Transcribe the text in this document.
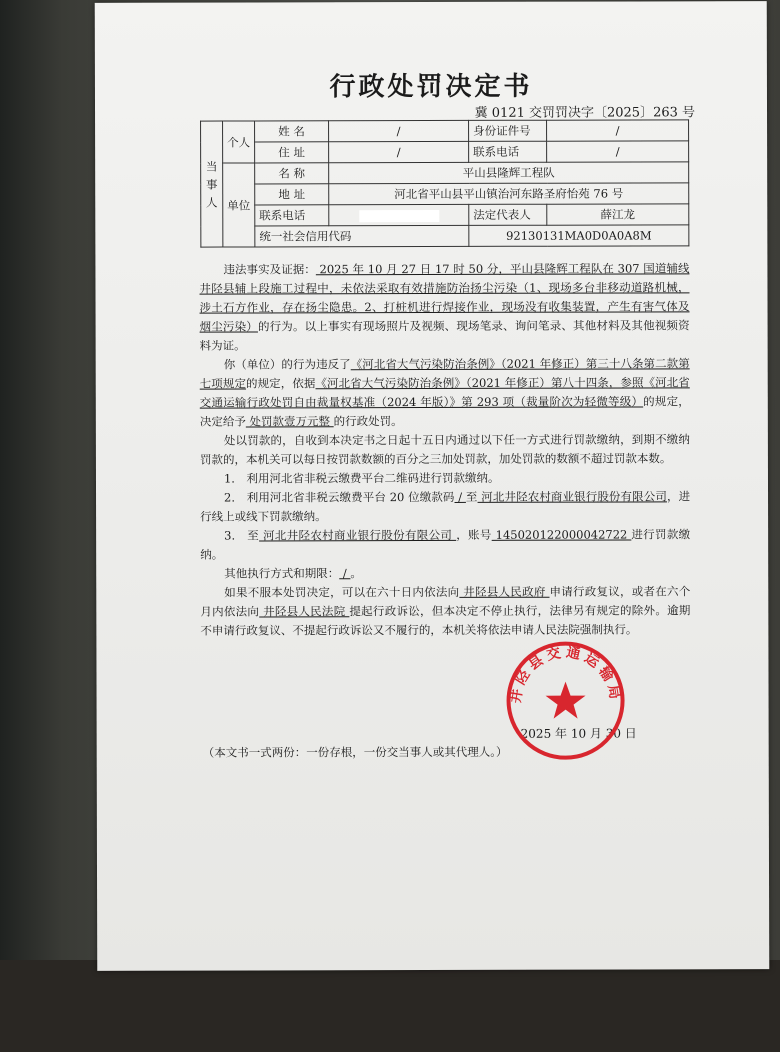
行政处罚决定书
冀 0121 交罚罚决字〔2025〕263 号
当事人	个人	姓 名	/	身份证件号	/
		住 址	/	联系电话	/
	单位	名 称	平山县隆辉工程队		
		地 址	河北省平山县平山镇治河东路圣府怡苑 76 号		
		联系电话		法定代表人	薛江龙
		统一社会信用代码		92130131MA0D0A0A8M	

违法事实及证据： 2025 年 10 月 27 日 17 时 50 分，平山县隆辉工程队在 307 国道辅线井陉县辅上段施工过程中，未依法采取有效措施防治扬尘污染（1、现场多台非移动道路机械，涉土石方作业，存在扬尘隐患。2、打桩机进行焊接作业，现场没有收集装置，产生有害气体及烟尘污染）的行为。以上事实有现场照片及视频、现场笔录、询问笔录、其他材料及其他视频资料为证。

你（单位）的行为违反了《河北省大气污染防治条例》（2021 年修正）第三十八条第二款第七项规定的规定，依据《河北省大气污染防治条例》（2021 年修正）第八十四条，参照《河北省交通运输行政处罚自由裁量权基准（2024 年版）》第 293 项（裁量阶次为轻微等级）的规定，决定给予 处罚款壹万元整 的行政处罚。

处以罚款的，自收到本决定书之日起十五日内通过以下任一方式进行罚款缴纳，到期不缴纳罚款的，本机关可以每日按罚款数额的百分之三加处罚款，加处罚款的数额不超过罚款本数。

1.　利用河北省非税云缴费平台二维码进行罚款缴纳。

2.　利用河北省非税云缴费平台 20 位缴款码 / 至 河北井陉农村商业银行股份有限公司，进行线上或线下罚款缴纳。

3.　至 河北井陉农村商业银行股份有限公司 ，账号 145020122000042722 进行罚款缴纳。

其他执行方式和期限： / 。

如果不服本处罚决定，可以在六十日内依法向 井陉县人民政府 申请行政复议，或者在六个月内依法向 井陉县人民法院 提起行政诉讼，但本决定不停止执行，法律另有规定的除外。逾期不申请行政复议、不提起行政诉讼又不履行的，本机关将依法申请人民法院强制执行。

2025 年 10 月 30 日
井陉县交通运输局
（本文书一式两份：一份存根，一份交当事人或其代理人。）
